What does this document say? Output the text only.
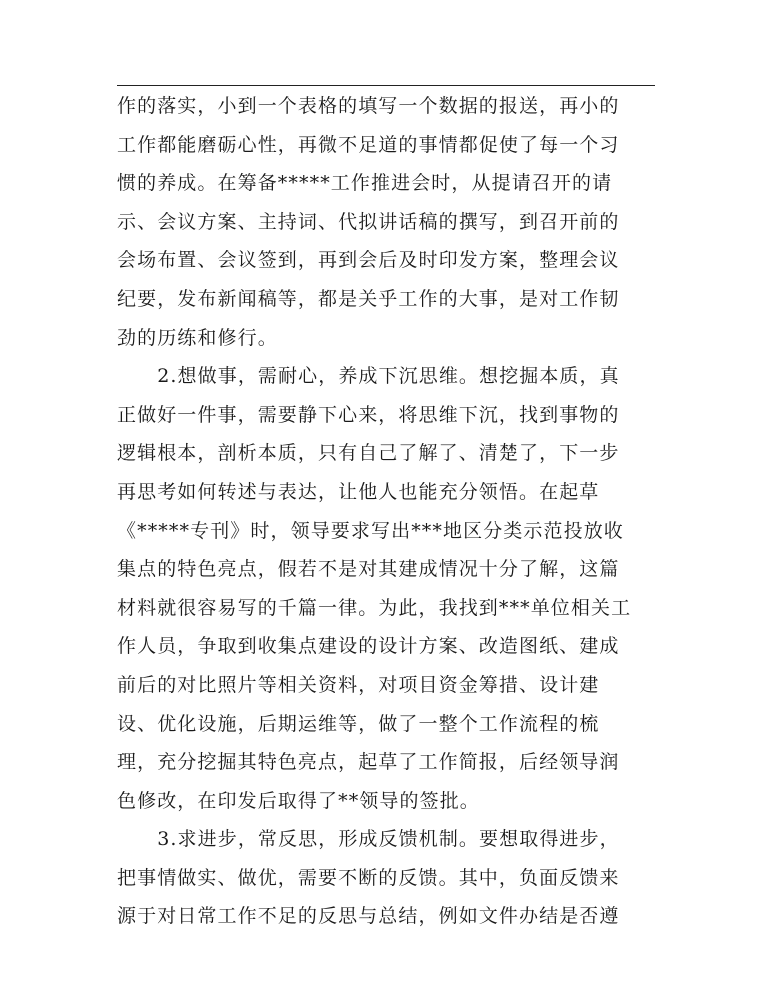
作的落实，小到一个表格的填写一个数据的报送，再小的
工作都能磨砺心性，再微不足道的事情都促使了每一个习
惯的养成。在筹备*****工作推进会时，从提请召开的请
示、会议方案、主持词、代拟讲话稿的撰写，到召开前的
会场布置、会议签到，再到会后及时印发方案，整理会议
纪要，发布新闻稿等，都是关乎工作的大事，是对工作韧
劲的历练和修行。
　　2.想做事，需耐心，养成下沉思维。想挖掘本质，真
正做好一件事，需要静下心来，将思维下沉，找到事物的
逻辑根本，剖析本质，只有自己了解了、清楚了，下一步
再思考如何转述与表达，让他人也能充分领悟。在起草
《*****专刊》时，领导要求写出***地区分类示范投放收
集点的特色亮点，假若不是对其建成情况十分了解，这篇
材料就很容易写的千篇一律。为此，我找到***单位相关工
作人员，争取到收集点建设的设计方案、改造图纸、建成
前后的对比照片等相关资料，对项目资金筹措、设计建
设、优化设施，后期运维等，做了一整个工作流程的梳
理，充分挖掘其特色亮点，起草了工作简报，后经领导润
色修改，在印发后取得了**领导的签批。
　　3.求进步，常反思，形成反馈机制。要想取得进步，
把事情做实、做优，需要不断的反馈。其中，负面反馈来
源于对日常工作不足的反思与总结，例如文件办结是否遵
